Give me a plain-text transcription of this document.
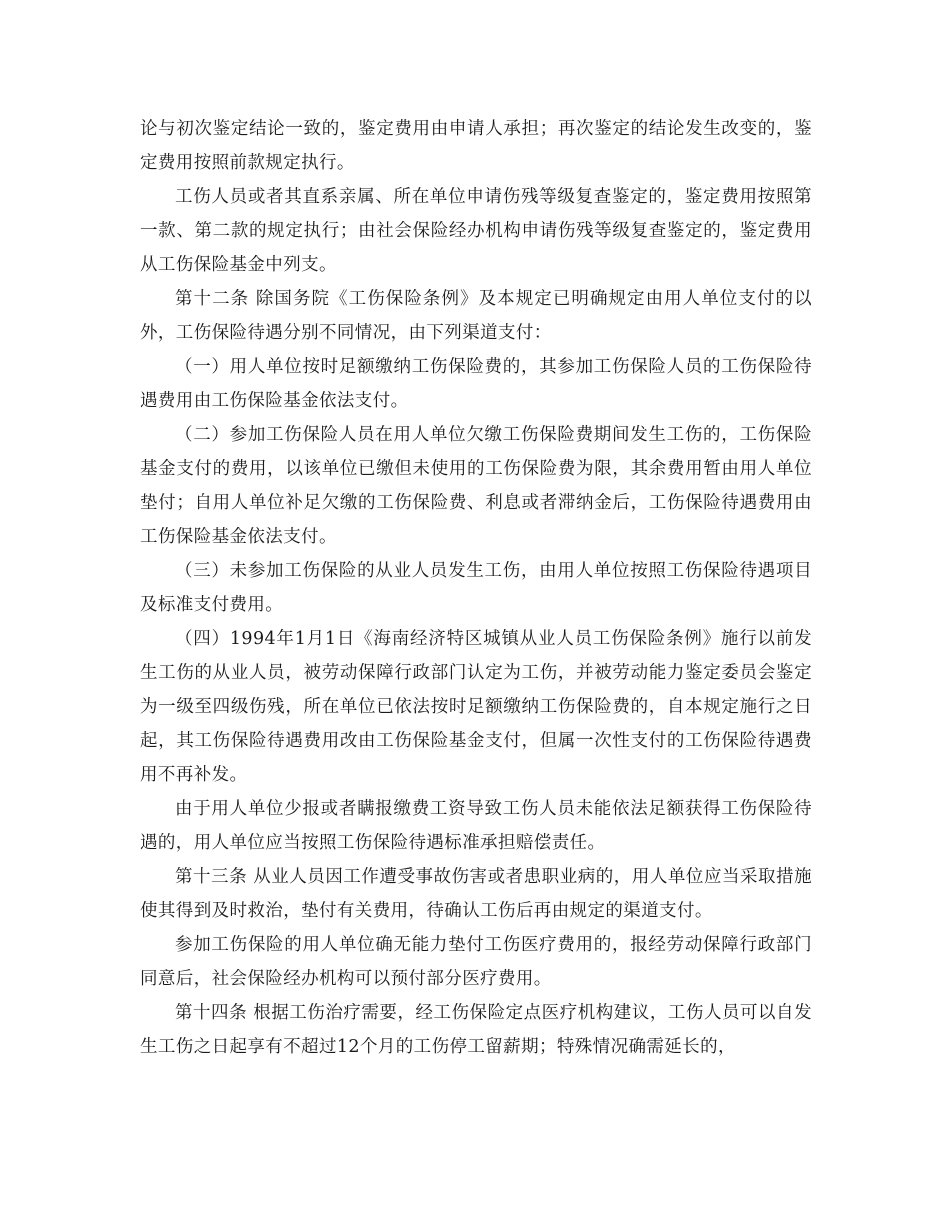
论与初次鉴定结论一致的，鉴定费用由申请人承担；再次鉴定的结论发生改变的，鉴定费用按照前款规定执行。

工伤人员或者其直系亲属、所在单位申请伤残等级复查鉴定的，鉴定费用按照第一款、第二款的规定执行；由社会保险经办机构申请伤残等级复查鉴定的，鉴定费用从工伤保险基金中列支。

第十二条 除国务院《工伤保险条例》及本规定已明确规定由用人单位支付的以外，工伤保险待遇分别不同情况，由下列渠道支付：

（一）用人单位按时足额缴纳工伤保险费的，其参加工伤保险人员的工伤保险待遇费用由工伤保险基金依法支付。

（二）参加工伤保险人员在用人单位欠缴工伤保险费期间发生工伤的，工伤保险基金支付的费用，以该单位已缴但未使用的工伤保险费为限，其余费用暂由用人单位垫付；自用人单位补足欠缴的工伤保险费、利息或者滞纳金后，工伤保险待遇费用由工伤保险基金依法支付。

（三）未参加工伤保险的从业人员发生工伤，由用人单位按照工伤保险待遇项目及标准支付费用。

（四）1994年1月1日《海南经济特区城镇从业人员工伤保险条例》施行以前发生工伤的从业人员，被劳动保障行政部门认定为工伤，并被劳动能力鉴定委员会鉴定为一级至四级伤残，所在单位已依法按时足额缴纳工伤保险费的，自本规定施行之日起，其工伤保险待遇费用改由工伤保险基金支付，但属一次性支付的工伤保险待遇费用不再补发。

由于用人单位少报或者瞒报缴费工资导致工伤人员未能依法足额获得工伤保险待遇的，用人单位应当按照工伤保险待遇标准承担赔偿责任。

第十三条 从业人员因工作遭受事故伤害或者患职业病的，用人单位应当采取措施使其得到及时救治，垫付有关费用，待确认工伤后再由规定的渠道支付。

参加工伤保险的用人单位确无能力垫付工伤医疗费用的，报经劳动保障行政部门同意后，社会保险经办机构可以预付部分医疗费用。

第十四条 根据工伤治疗需要，经工伤保险定点医疗机构建议，工伤人员可以自发生工伤之日起享有不超过12个月的工伤停工留薪期；特殊情况确需延长的，
